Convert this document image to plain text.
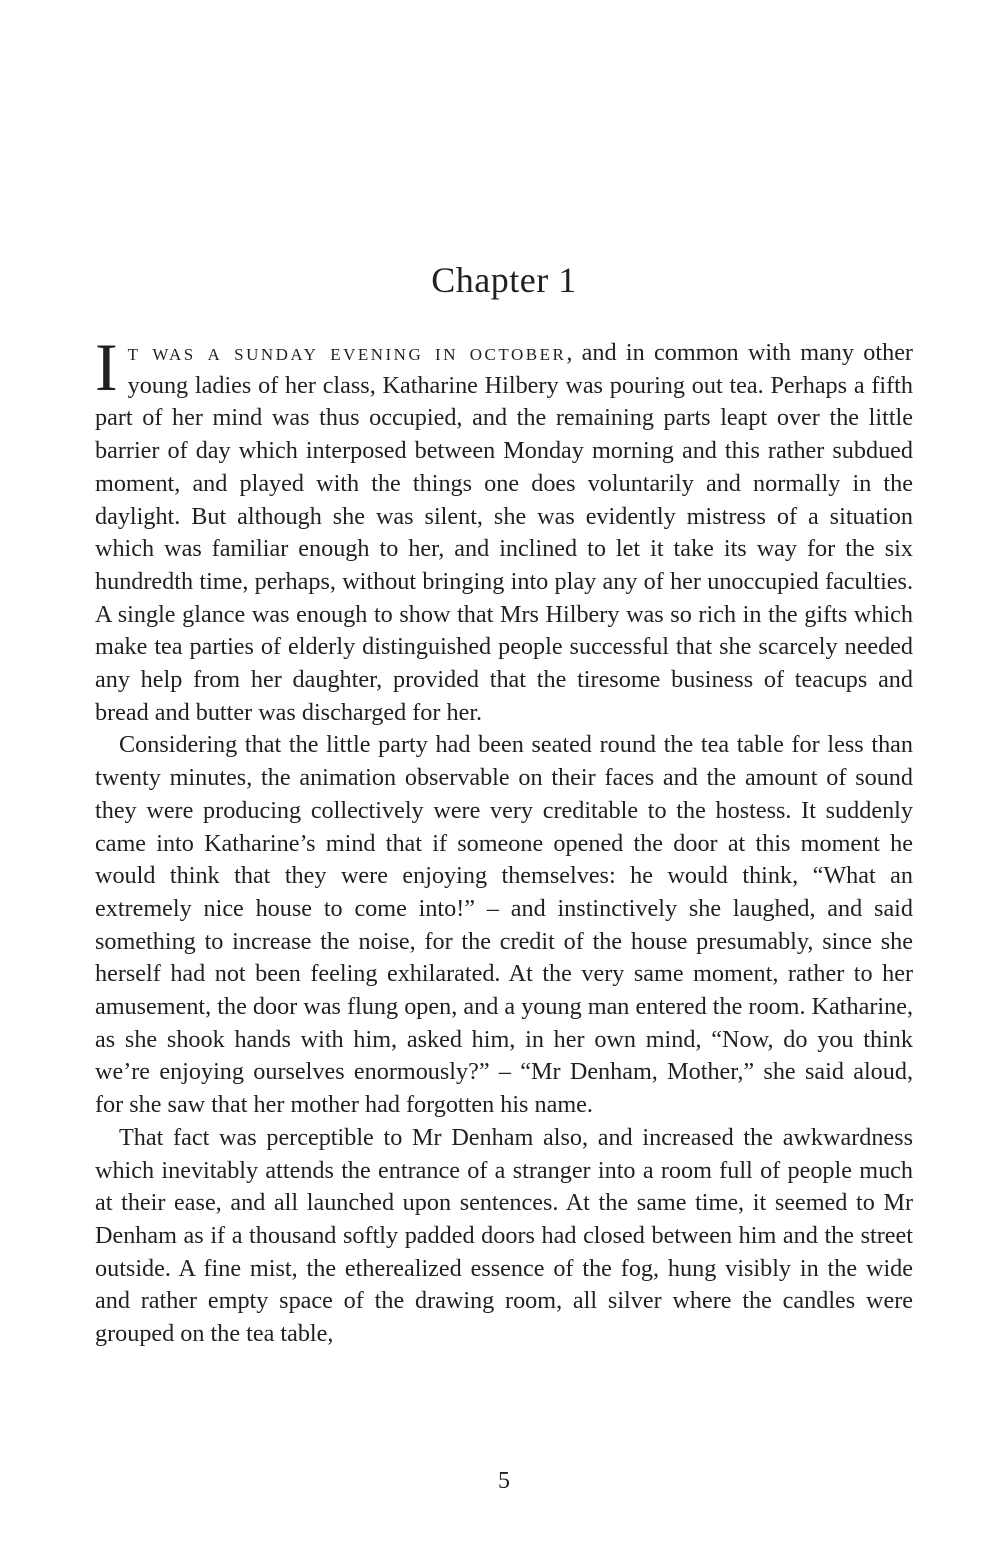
Chapter 1

I t was a sunday evening in october, and in common with many other young ladies of her class, Katharine Hilbery was pouring out tea. Perhaps a fifth part of her mind was thus occupied, and the remaining parts leapt over the little barrier of day which interposed between Monday morning and this rather subdued moment, and played with the things one does voluntarily and normally in the daylight. But although she was silent, she was evidently mistress of a situation which was familiar enough to her, and inclined to let it take its way for the six hundredth time, perhaps, without bringing into play any of her unoccupied faculties. A single glance was enough to show that Mrs Hilbery was so rich in the gifts which make tea parties of elderly distinguished people successful that she scarcely needed any help from her daughter, provided that the tiresome business of teacups and bread and butter was discharged for her.

Considering that the little party had been seated round the tea table for less than twenty minutes, the animation observable on their faces and the amount of sound they were producing collectively were very creditable to the hostess. It suddenly came into Katharine’s mind that if someone opened the door at this moment he would think that they were enjoying themselves: he would think, “What an extremely nice house to come into!” – and instinctively she laughed, and said something to increase the noise, for the credit of the house presumably, since she herself had not been feeling exhilarated. At the very same moment, rather to her amusement, the door was flung open, and a young man entered the room. Katharine, as she shook hands with him, asked him, in her own mind, “Now, do you think we’re enjoying ourselves enormously?” – “Mr Denham, Mother,” she said aloud, for she saw that her mother had forgotten his name.

That fact was perceptible to Mr Denham also, and increased the awkwardness which inevitably attends the entrance of a stranger into a room full of people much at their ease, and all launched upon sentences. At the same time, it seemed to Mr Denham as if a thousand softly padded doors had closed between him and the street outside. A fine mist, the etherealized essence of the fog, hung visibly in the wide and rather empty space of the drawing room, all silver where the candles were grouped on the tea table,

5
